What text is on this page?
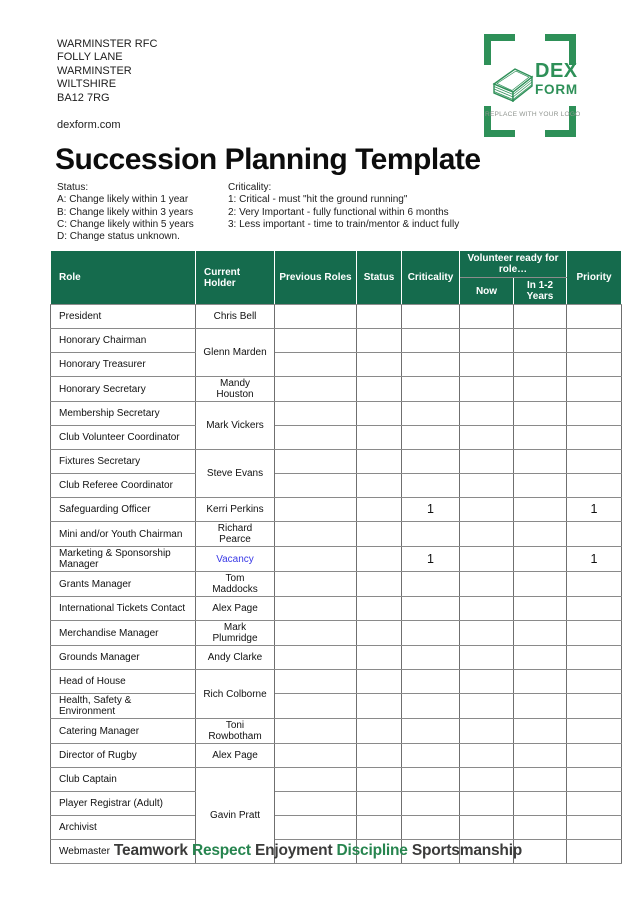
WARMINSTER RFC
FOLLY LANE
WARMINSTER
WILTSHIRE
BA12 7RG
dexform.com
DEX
FORM
REPLACE WITH YOUR LOGO
Succession Planning Template
Status:
A: Change likely within 1 year
B: Change likely within 3 years
C: Change likely within 5 years
D: Change status unknown.
Criticality:
1: Critical - must "hit the ground running"
2: Very Important - fully functional within 6 months
3: Less important - time to train/mentor & induct fully
Role	Current Holder	Previous Roles	Status	Criticality	Volunteer ready for role…		Priority
					Now	In 1-2 Years	
President	Chris Bell						
Honorary Chairman	Glenn Marden						
Honorary Treasurer							
Honorary Secretary	Mandy
Houston						
Membership Secretary	Mark Vickers						
Club Volunteer Coordinator							
Fixtures Secretary	Steve Evans						
Club Referee Coordinator							
Safeguarding Officer	Kerri Perkins			1			1
Mini and/or Youth Chairman	Richard
Pearce						
Marketing & Sponsorship Manager	Vacancy			1			1
Grants Manager	Tom
Maddocks						
International Tickets Contact	Alex Page						
Merchandise Manager	Mark
Plumridge						
Grounds Manager	Andy Clarke						
Head of House	Rich Colborne						
Health, Safety & Environment							
Catering Manager	Toni
Rowbotham						
Director of Rugby	Alex Page						
Club Captain	Gavin Pratt						
Player Registrar (Adult)							
Archivist							
Webmaster							Teamwork Respect Enjoyment Discipline Sportsmanship
